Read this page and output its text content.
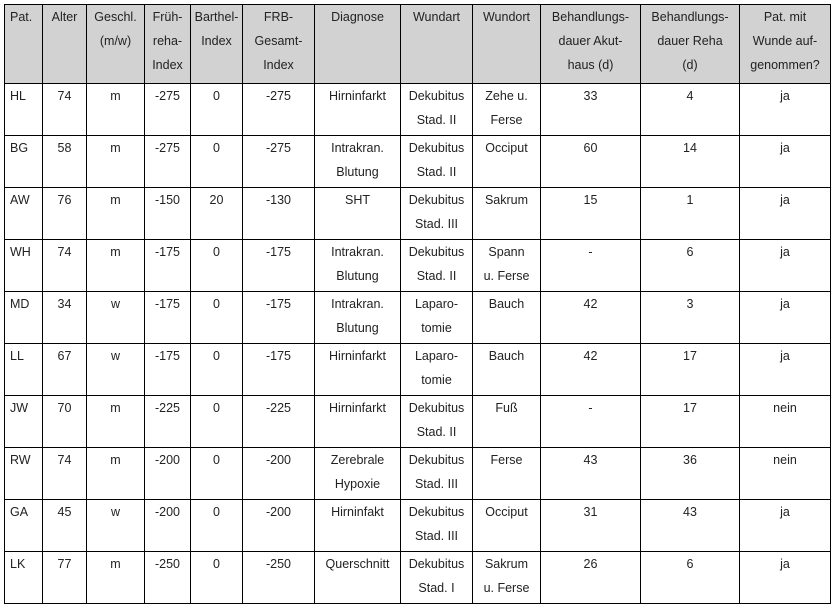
Pat.	Alter	Geschl.
(m/w)	Früh-
reha-
Index	Barthel-
Index	FRB-
Gesamt-
Index	Diagnose	Wundart	Wundort	Behandlungs-
dauer Akut-
haus (d)	Behandlungs-
dauer Reha
(d)	Pat. mit
Wunde auf-
genommen?

HL	74	m	-275	0	-275	Hirninfarkt	Dekubitus
Stad. II	Zehe u.
Ferse	33	4	ja

BG	58	m	-275	0	-275	Intrakran.
Blutung	Dekubitus
Stad. II	Occiput	60	14	ja

AW	76	m	-150	20	-130	SHT	Dekubitus
Stad. III	Sakrum	15	1	ja

WH	74	m	-175	0	-175	Intrakran.
Blutung	Dekubitus
Stad. II	Spann
u. Ferse	-	6	ja

MD	34	w	-175	0	-175	Intrakran.
Blutung	Laparo-
tomie	Bauch	42	3	ja

LL	67	w	-175	0	-175	Hirninfarkt	Laparo-
tomie	Bauch	42	17	ja

JW	70	m	-225	0	-225	Hirninfarkt	Dekubitus
Stad. II	Fuß	-	17	nein

RW	74	m	-200	0	-200	Zerebrale
Hypoxie	Dekubitus
Stad. III	Ferse	43	36	nein

GA	45	w	-200	0	-200	Hirninfakt	Dekubitus
Stad. III	Occiput	31	43	ja

LK	77	m	-250	0	-250	Querschnitt	Dekubitus
Stad. I	Sakrum
u. Ferse	26	6	ja
